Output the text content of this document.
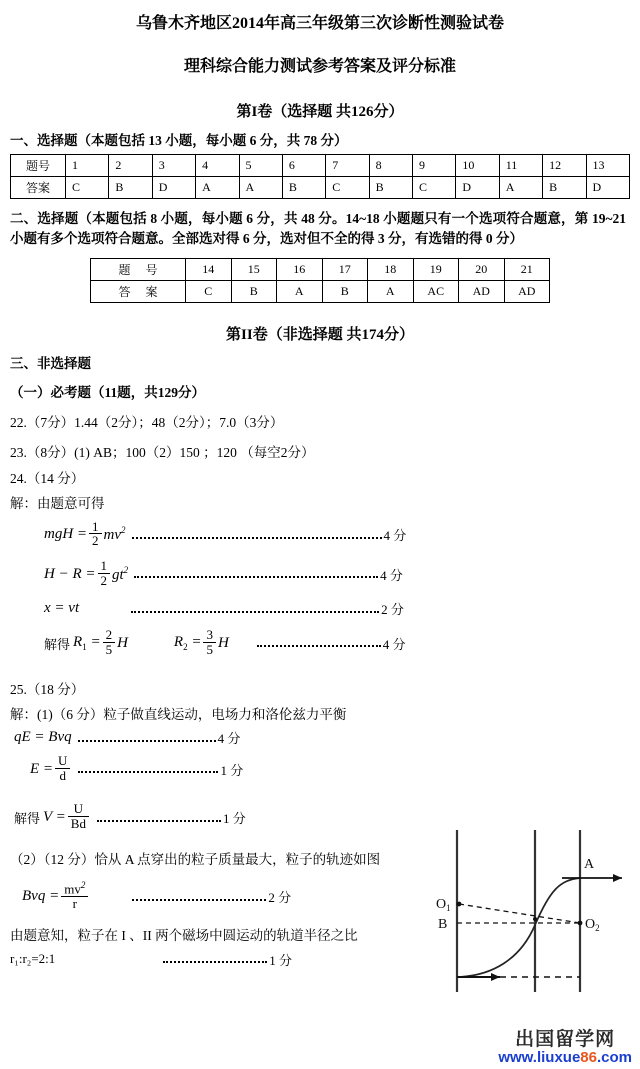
乌鲁木齐地区2014年高三年级第三次诊断性测验试卷
理科综合能力测试参考答案及评分标准
第I卷（选择题 共126分）
一、选择题（本题包括 13 小题，每小题 6 分，共 78 分）
题号	1	2	3	4	5	6	7	8	9	10	11	12	13
答案	C	B	D	A	A	B	C	B	C	D	A	B	D
二、选择题（本题包括 8 小题，每小题 6 分，共 48 分。14~18 小题题只有一个选项符合题意，第 19~21 小题有多个选项符合题意。全部选对得 6 分，选对但不全的得 3 分，有选错的得 0 分）
题 号	14	15	16	17	18	19	20	21
答 案	C	B	A	B	A	AC	AD	AD
第II卷（非选择题 共174分）
三、非选择题
（一）必考题（11题，共129分）
22.（7分）1.44（2分）；48（2分）；7.0（3分）
23.（8分）(1) AB；100（2）150 ；120 （每空2分）
24.（14 分）
解：由题意可得
mgH = $\frac{1}{2} mv^2$	4 分
$H - R = \frac{1}{2} gt^2$	4 分
x = vt	2 分
解得 $R_1 = \frac{2}{5}$ H	$R_2 = \frac{3}{5}$ H	4 分
25.（18 分）
解：(1)（6 分）粒子做直线运动，电场力和洛伦兹力平衡
qE = Bvq	4 分
$E = \frac{U}{d}$	1 分
解得 $V = \frac{U}{Bd}$	1 分
（2）（12 分）恰从 A 点穿出的粒子质量最大，粒子的轨迹如图
Bvq = $\frac{mv^2}{r}$	2 分
由题意知，粒子在 I 、II 两个磁场中圆运动的轨道半径之比
r₁:r₂=2:1	1 分
$O_1$
B	$O_2$
A
出国留学网
www.liuxue86.com
